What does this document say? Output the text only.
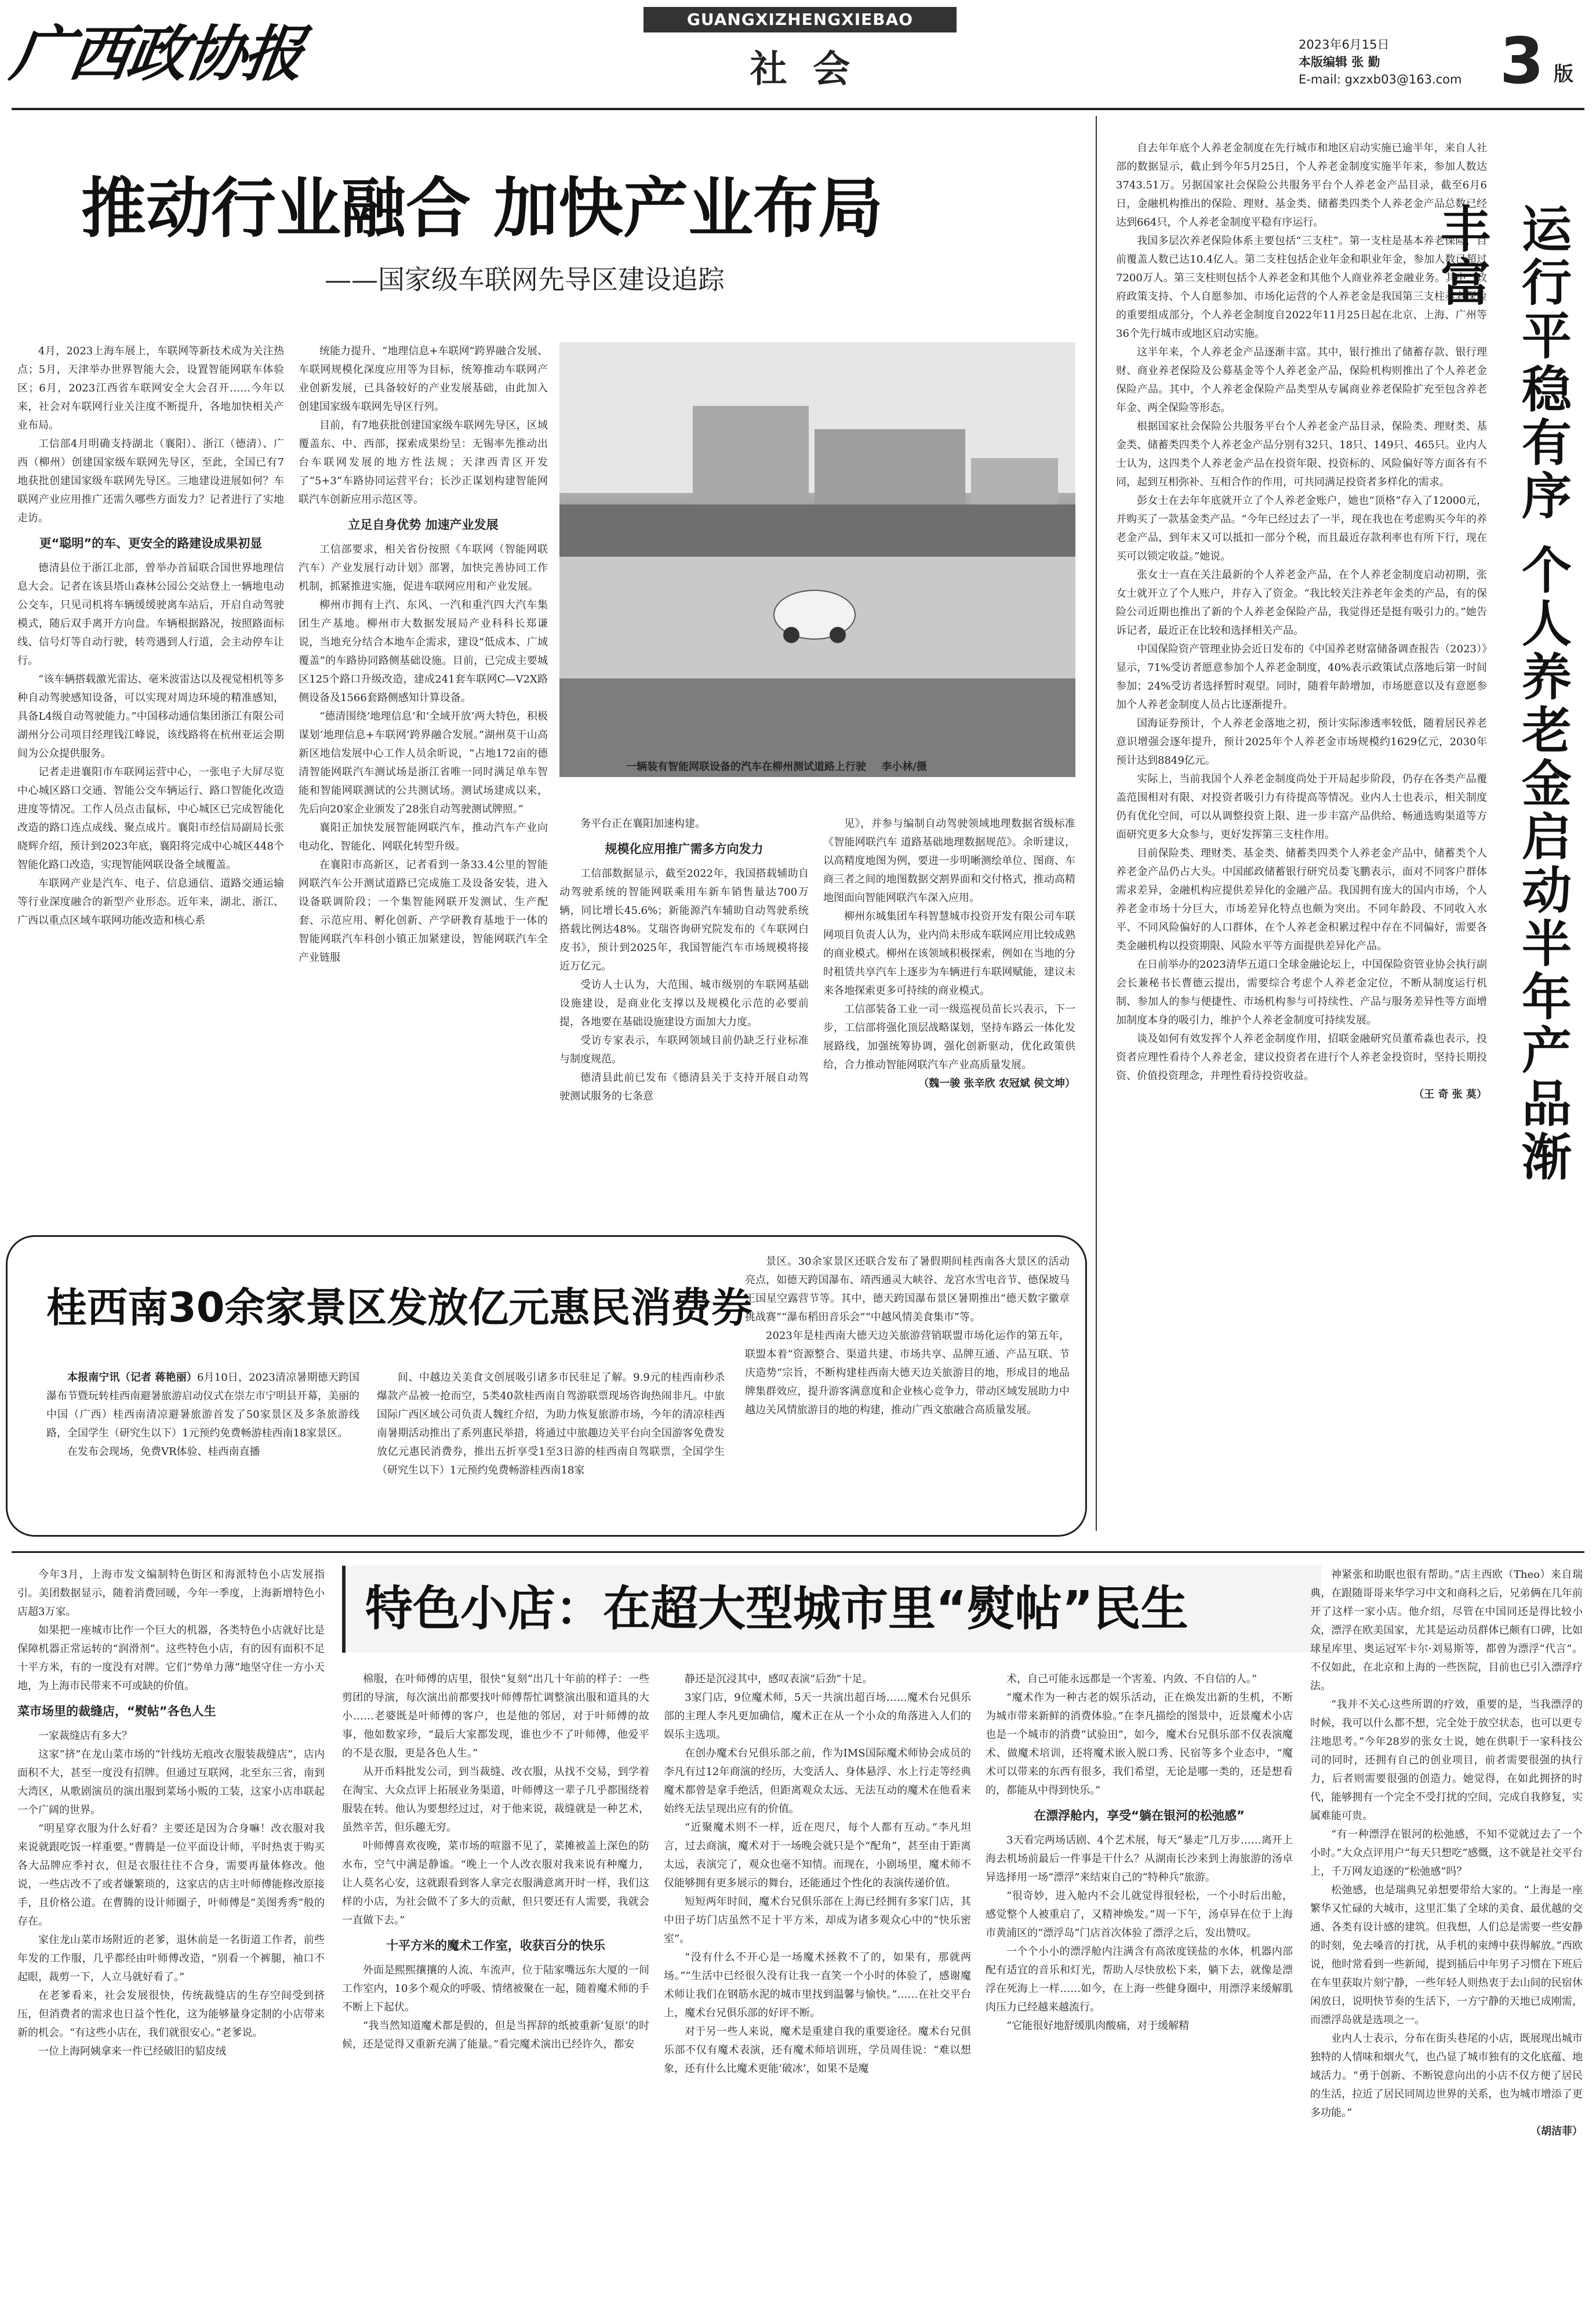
广西政协报	GUANGXIZHENGXIEBAO
社  会
2023年6月15日
本版编辑 张 勤
E-mail: gxzxb03@163.com 3 版
推动行业融合 加快产业布局
——国家级车联网先导区建设追踪

4月，2023上海车展上，车联网等新技术成为关注热点；5月，天津举办世界智能大会，设置智能网联车体验区；6月，2023江西省车联网安全大会召开……今年以来，社会对车联网行业关注度不断提升，各地加快相关产业布局。

工信部4月明确支持湖北（襄阳）、浙江（德清）、广西（柳州）创建国家级车联网先导区，至此，全国已有7地获批创建国家级车联网先导区。三地建设进展如何？车联网产业应用推广还需久哪些方面发力？记者进行了实地走访。

更“聪明”的车、更安全的路建设成果初显

德清县位于浙江北部，曾举办首届联合国世界地理信息大会。记者在该县塔山森林公园公交站登上一辆地电动公交车，只见司机将车辆缓缓驶离车站后，开启自动驾驶模式，随后双手离开方向盘。车辆根据路况，按照路面标线、信号灯等自动行驶，转弯遇到人行道，会主动停车让行。

“该车辆搭载激光雷达、毫米波雷达以及视觉相机等多种自动驾驶感知设备，可以实现对周边环境的精准感知，具备L4级自动驾驶能力。”中国移动通信集团浙江有限公司湖州分公司项目经理钱江峰说，该线路将在杭州亚运会期间为公众提供服务。

记者走进襄阳市车联网运营中心，一张电子大屏尽览中心城区路口交通、智能公交车辆运行、路口智能化改造进度等情况。工作人员点击鼠标，中心城区已完成智能化改造的路口连点成线、聚点成片。襄阳市经信局副局长张晓辉介绍，预计到2023年底，襄阳将完成中心城区448个智能化路口改造，实现智能网联设备全域覆盖。

车联网产业是汽车、电子、信息通信、道路交通运输等行业深度融合的新型产业形态。近年来，湖北、浙江、广西以重点区域车联网功能改造和核心系

统能力提升、“地理信息+车联网”跨界融合发展、车联网规模化深度应用等为目标，统筹推动车联网产业创新发展，已具备较好的产业发展基础，由此加入创建国家级车联网先导区行列。

目前，有7地获批创建国家级车联网先导区，区域覆盖东、中、西部，探索成果纷呈：无锡率先推动出台车联网发展的地方性法规；天津西青区开发了“5+3”车路协同运营平台；长沙正谋划构建智能网联汽车创新应用示范区等。

立足自身优势 加速产业发展

工信部要求，相关省份按照《车联网（智能网联汽车）产业发展行动计划》部署，加快完善协同工作机制，抓紧推进实施，促进车联网应用和产业发展。

柳州市拥有上汽、东风、一汽和重汽四大汽车集团生产基地。柳州市大数据发展局产业科科长郑谦说，当地充分结合本地车企需求，建设“低成本、广域覆盖”的车路协同路侧基础设施。目前，已完成主要城区125个路口升级改造，建成241套车联网C—V2X路侧设备及1566套路侧感知计算设备。

“德清围绕‘地理信息’和‘全域开放’两大特色，积极谋划‘地理信息+车联网’跨界融合发展。”湖州莫干山高新区地信发展中心工作人员余昕说，“占地172亩的德清智能网联汽车测试场是浙江省唯一同时满足单车智能和智能网联测试的公共测试场。测试场建成以来，先后向20家企业颁发了28张自动驾驶测试牌照。”

襄阳正加快发展智能网联汽车，推动汽车产业向电动化、智能化、网联化转型升级。

在襄阳市高新区，记者看到一条33.4公里的智能网联汽车公开测试道路已完成施工及设备安装，进入设备联调阶段；一个集智能网联开发测试、生产配套、示范应用、孵化创新、产学研教育基地于一体的智能网联汽车科创小镇正加紧建设，智能网联汽车全产业链服

一辆装有智能网联设备的汽车在柳州测试道路上行驶 李小林/摄

务平台正在襄阳加速构建。

规模化应用推广需多方向发力

工信部数据显示，截至2022年，我国搭载辅助自动驾驶系统的智能网联乘用车新车销售量达700万辆，同比增长45.6%；新能源汽车辅助自动驾驶系统搭载比例达48%。艾瑞咨询研究院发布的《车联网白皮书》，预计到2025年，我国智能汽车市场规模将接近万亿元。

受访人士认为，大范围、城市级别的车联网基础设施建设，是商业化支撑以及规模化示范的必要前提，各地要在基础设施建设方面加大力度。

受访专家表示，车联网领域目前仍缺乏行业标准与制度规范。

德清县此前已发布《德清县关于支持开展自动驾驶测试服务的七条意

见》，并参与编制自动驾驶领域地理数据省级标准《智能网联汽车 道路基础地理数据规范》。余昕建议，以高精度地图为例，要进一步明晰测绘单位、图商、车商三者之间的地图数据交割界面和交付格式，推动高精地图面向智能网联汽车深入应用。

柳州东城集团车科智慧城市投资开发有限公司车联网项目负责人认为，业内尚未形成车联网应用比较成熟的商业模式。柳州在该领域积极探索，例如在当地的分时租赁共享汽车上逐步为车辆进行车联网赋能，建议未来各地探索更多可持续的商业模式。

工信部装备工业一司一级巡视员苗长兴表示，下一步，工信部将强化顶层战略谋划，坚持车路云一体化发展路线，加强统筹协调，强化创新驱动，优化政策供给，合力推动智能网联汽车产业高质量发展。

（魏一骏 张辛欣 农冠斌 侯文坤）

自去年年底个人养老金制度在先行城市和地区启动实施已逾半年，来自人社部的数据显示，截止到今年5月25日，个人养老金制度实施半年来，参加人数达3743.51万。另据国家社会保险公共服务平台个人养老金产品目录，截至6月6日，金融机构推出的保险、理财、基金类、储蓄类四类个人养老金产品总数已经达到664只，个人养老金制度平稳有序运行。

我国多层次养老保险体系主要包括“三支柱”。第一支柱是基本养老保险，目前覆盖人数已达10.4亿人。第二支柱包括企业年金和职业年金，参加人数已超过7200万人。第三支柱则包括个人养老金和其他个人商业养老金融业务。其中，政府政策支持、个人自愿参加、市场化运营的个人养老金是我国第三支柱养老保险的重要组成部分，个人养老金制度自2022年11月25日起在北京、上海、广州等36个先行城市或地区启动实施。

这半年来，个人养老金产品逐渐丰富。其中，银行推出了储蓄存款、银行理财、商业养老保险及公募基金等个人养老金产品，保险机构则推出了个人养老金保险产品。其中，个人养老金保险产品类型从专属商业养老保险扩充至包含养老年金、两全保险等形态。

根据国家社会保险公共服务平台个人养老金产品目录，保险类、理财类、基金类、储蓄类四类个人养老金产品分别有32只、18只、149只、465只。业内人士认为，这四类个人养老金产品在投资年限、投资标的、风险偏好等方面各有不同，起到互相弥补、互相合作的作用，可共同满足投资者多样化的需求。

彭女士在去年年底就开立了个人养老金账户，她也“顶格”存入了12000元，并购买了一款基金类产品。“今年已经过去了一半，现在我也在考虑购买今年的养老金产品，到年末又可以抵扣一部分个税，而且最近存款利率也有所下行，现在买可以锁定收益。”她说。

张女士一直在关注最新的个人养老金产品，在个人养老金制度启动初期，张女士就开立了个人账户，并存入了资金。“我比较关注养老年金类的产品，有的保险公司近期也推出了新的个人养老金保险产品，我觉得还是挺有吸引力的。”她告诉记者，最近正在比较和选择相关产品。

中国保险资产管理业协会近日发布的《中国养老财富储备调查报告（2023）》显示，71%受访者愿意参加个人养老金制度，40%表示政策试点落地后第一时间参加；24%受访者选择暂时观望。同时，随着年龄增加，市场愿意以及有意愿参加个人养老金制度人员占比逐渐提升。

国海证券预计，个人养老金落地之初，预计实际渗透率较低，随着居民养老意识增强会逐年提升，预计2025年个人养老金市场规模约1629亿元，2030年预计达到8849亿元。

实际上，当前我国个人养老金制度尚处于开局起步阶段，仍存在各类产品覆盖范围相对有限、对投资者吸引力有待提高等情况。业内人士也表示，相关制度仍有优化空间，可以从调整投资上限、进一步丰富产品供给、畅通选购渠道等方面研究更多大众参与，更好发挥第三支柱作用。

目前保险类、理财类、基金类、储蓄类四类个人养老金产品中，储蓄类个人养老金产品仍占大头。中国邮政储蓄银行研究员娄飞鹏表示，面对不同客户群体需求差异，金融机构应提供差异化的金融产品。我国拥有庞大的国内市场，个人养老金市场十分巨大，市场差异化特点也颇为突出。不同年龄段、不同收入水平、不同风险偏好的人口群体，在个人养老金积累过程中存在不同偏好，需要各类金融机构以投资期限、风险水平等方面提供差异化产品。

在日前举办的2023清华五道口全球金融论坛上，中国保险资管业协会执行副会长兼秘书长曹德云提出，需要综合考虑个人养老金定位，不断从制度运行机制、参加人的参与便捷性、市场机构参与可持续性、产品与服务差异性等方面增加制度本身的吸引力，维护个人养老金制度可持续发展。

谈及如何有效发挥个人养老金制度作用，招联金融研究员董希淼也表示，投资者应理性看待个人养老金，建议投资者在进行个人养老金投资时，坚持长期投资、价值投资理念，并理性看待投资收益。

（王 奇 张 莫） 运行平稳有序 个人养老金启动半年产品渐丰富
桂西南30余家景区发放亿元惠民消费券

本报南宁讯（记者 蒋艳丽）6月10日，2023清凉暑期德天跨国瀑布节暨玩转桂西南避暑旅游启动仪式在崇左市宁明县开幕，美丽的中国（广西）桂西南清凉避暑旅游首发了50家景区及多条旅游线路，全国学生（研究生以下）1元预约免费畅游桂西南18家景区。

在发布会现场，免费VR体验、桂西南直播

间、中越边关美食文创展吸引诸多市民驻足了解。9.9元的桂西南秒杀爆款产品被一抢而空，5类40款桂西南自驾游联票现场咨询热闹非凡。中旅国际广西区域公司负责人魏红介绍，为助力恢复旅游市场，今年的清凉桂西南暑期活动推出了系列惠民举措，将通过中旅趣边关平台向全国游客免费发放亿元惠民消费券，推出五折享受1至3日游的桂西南自驾联票，全国学生（研究生以下）1元预约免费畅游桂西南18家

景区。30余家景区还联合发布了暑假期间桂西南各大景区的活动亮点，如德天跨国瀑布、靖西通灵大峡谷、龙宫水雪电音节、德保坡马王国星空露营节等。其中，德天跨国瀑布景区暑期推出“德天数字徽章挑战赛”“瀑布稻田音乐会”“中越风情美食集市”等。

2023年是桂西南大德天边关旅游营销联盟市场化运作的第五年，联盟本着“资源整合、渠道共建、市场共享、品牌互通、产品互联、节庆造势”宗旨，不断构建桂西南大德天边关旅游目的地，形成目的地品牌集群效应，提升游客满意度和企业核心竞争力，带动区域发展助力中越边关风情旅游目的地的构建，推动广西文旅融合高质量发展。

特色小店：在超大型城市里“熨帖”民生

今年3月，上海市发文编制特色街区和海派特色小店发展指引。美团数据显示，随着消费回暖，今年一季度，上海新增特色小店超3万家。

如果把一座城市比作一个巨大的机器，各类特色小店就好比是保障机器正常运转的“润滑剂”。这些特色小店，有的因有面积不足十平方米，有的一度没有对牌。它们“势单力薄”地坚守住一方小天地，为上海市民带来不可或缺的价值。

菜市场里的裁缝店，“熨帖”各色人生

一家裁缝店有多大？

这家“挤”在龙山菜市场的“针线坊无痕改衣服装裁缝店”，店内面积不大，甚至一度没有招牌。但通过互联网，北至东三省，南到大湾区，从歌剧演员的演出服到菜场小贩的工装，这家小店串联起一个广阔的世界。

“明星穿衣服为什么好看？主要还是因为合身嘛！改衣服对我来说就跟吃饭一样重要。”曹腾是一位平面设计师，平时热衷于购买各大品牌应季衬衣，但是衣服往往不合身，需要再量体修改。他说，一些店改不了或者嫌繁琐的，这家店的店主叶师傅能修改原接手，且价格公道。在曹腾的设计师圈子，叶师傅是“美图秀秀”般的存在。

家住龙山菜市场附近的老爹，退休前是一名街道工作者，前些年发的工作服，几乎都经由叶师傅改造，“别看一个裤腿，袖口不起眼，裁剪一下，人立马就好看了。”

在老爹看来，社会发展很快，传统裁缝店的生存空间受到挤压，但消费者的需求也日益个性化，这为能够量身定制的小店带来新的机会。“有这些小店在，我们就很安心。”老爹说。

一位上海阿姨拿来一件已经破旧的貂皮绒

棉服，在叶师傅的店里，很快“复刻”出几十年前的样子：一些剪团的导演，每次演出前都要找叶师傅帮忙调整演出服和道具的大小……老婆既是叶师傅的客户，也是他的邻居，对于叶师傅的故事，他如数家珍，“最后大家都发现，谁也少不了叶师傅，他爱平的不是衣服，更是各色人生。”

从开币料批发公司，到当裁缝、改衣服，从找不交易，到学着在淘宝、大众点评上拓展业务渠道，叶师傅这一辈子几乎都围绕着服装在转。他认为要想经过过，对于他来说，裁缝就是一种艺术，虽然辛苦，但乐趣无穷。

叶师傅喜欢夜晚，菜市场的喧嚣不见了，菜摊被盖上深色的防水布，空气中满是静谧。“晚上一个人改衣服对我来说有种魔力，让人莫名心安，这就跟看到客人拿完衣服满意离开时一样，我们这样的小店，为社会做不了多大的贡献，但只要还有人需要，我就会一直做下去。”

十平方米的魔术工作室，收获百分的快乐

外面是熙熙攘攘的人流、车流声，位于陆家嘴远东大厦的一间工作室内，10多个观众的呼吸、情绪被聚在一起，随着魔术师的手不断上下起伏。

“我当然知道魔术都是假的，但是当挥辞的纸被重新‘复原’的时候，还是觉得又重新充满了能量。”看完魔术演出已经许久，都安

静还是沉浸其中，感叹表演“后劲”十足。

3家门店，9位魔术师，5天一共演出超百场……魔术台兄俱乐部的主理人李凡更加确信，魔术正在从一个小众的角落进入人们的娱乐主选项。

在创办魔术台兄俱乐部之前，作为IMS国际魔术师协会成员的李凡有过12年商演的经历，大变活人、身体悬浮、水上行走等经典魔术都曾是拿手绝活，但距离观众太远、无法互动的魔术在他看来始终无法呈现出应有的价值。

“近聚魔术则不一样，近在咫尺，每个人都有互动。”李凡坦言，过去商演，魔术对于一场晚会就只是个“配角”，甚至由于距离太远，表演完了，观众也毫不知情。而现在，小剧场里，魔术师不仅能够拥有更多展示的舞台，还能通过个性化的表演传递价值。

短短两年时间，魔术台兄俱乐部在上海已经拥有多家门店，其中田子坊门店虽然不足十平方米，却成为诸多观众心中的“快乐密室”。

“没有什么不开心是一场魔术拯救不了的，如果有，那就两场。”“生活中已经很久没有让我一直笑一个小时的体验了，感谢魔术师让我们在钢筋水泥的城市里找到温馨与愉快。”……在社交平台上，魔术台兄俱乐部的好评不断。

对于另一些人来说，魔术是重建自我的重要途径。魔术台兄俱乐部不仅有魔术表演，还有魔术师培训班，学员周佳说：“难以想象，还有什么比魔术更能‘破冰’，如果不是魔

术，自己可能永远都是一个害羞、内敛、不自信的人。”

“魔术作为一种古老的娱乐活动，正在焕发出新的生机，不断为城市带来新鲜的消费体验。”在李凡描绘的图景中，近景魔术小店也是一个城市的消费“试验田”，如今，魔术台兄俱乐部不仅表演魔术、做魔术培训，还将魔术嵌入脱口秀、民宿等多个业态中，“魔术可以带来的东西有很多，我们希望，无论是哪一类的，还是想看的，都能从中得到快乐。”

在漂浮舱内，享受“躺在银河的松弛感”

3天看完两场话剧、4个艺术展，每天“暴走”几万步……离开上海去机场前最后一件事是干什么？从湖南长沙来到上海旅游的汤卓异选择用一场“漂浮”来结束自己的“特种兵”旅游。

“很奇妙，进入舱内不会儿就觉得很轻松，一个小时后出舱，感觉整个人被重启了，又精神焕发。”周一下午，汤卓异在位于上海市黄浦区的“漂浮岛”门店首次体验了漂浮之后，发出赞叹。

一个个小小的漂浮舱内注满含有高浓度镁盐的水体，机器内部配有适宜的音乐和灯光，帮助人尽快放松下来，躺下去，就像是漂浮在死海上一样……如今，在上海一些健身圈中，用漂浮来缓解肌肉压力已经越来越流行。

“它能很好地舒缓肌肉酸痛，对于缓解精

神紧张和助眠也很有帮助。”店主西欧（Theo）来自瑞典，在跟随哥哥来华学习中文和商科之后，兄弟俩在几年前开了这样一家小店。他介绍，尽管在中国同还是得比较小众，漂浮在欧美国家，尤其是运动员群体已颇有口碑，比如球星库里、奥运冠军卡尔·刘易斯等，都曾为漂浮“代言”。不仅如此，在北京和上海的一些医院，目前也已引入漂浮疗法。

“我并不关心这些所谓的疗效，重要的是，当我漂浮的时候，我可以什么都不想，完全处于放空状态，也可以更专注地思考。”今年28岁的张女士说，她在供职于一家科技公司的同时，还拥有自己的创业项目，前者需要很强的执行力，后者则需要很强的创造力。她觉得，在如此拥挤的时代，能够拥有一个完全不受打扰的空间，完成自我修复，实属难能可贵。

“有一种漂浮在银河的松弛感，不知不觉就过去了一个小时。”大众点评用户“每天只想吃”感慨，这不就是社交平台上，千万网友追逐的“松弛感”吗？

松弛感，也是瑞典兄弟想要带给大家的。“上海是一座繁华又忙碌的大城市，这里汇集了全球的美食、最优越的交通、各类有设计感的建筑。但我想，人们总是需要一些安静的时刻，免去嗓音的打扰，从手机的束缚中获得解放。”西欧说，他时常看到一些新闻，提到插后中年男子习惯在下班后在车里获取片刻宁静，一些年轻人则热衷于去山间的民宿休闲放日，说明快节奏的生活下，一方宁静的天地已成刚需，而漂浮岛就是选项之一。

业内人士表示，分布在街头巷尾的小店，既展现出城市独特的人情味和烟火气，也凸显了城市独有的文化底蕴、地域活力。“勇于创新、不断锐意向出的小店不仅方便了居民的生活，拉近了居民同周边世界的关系，也为城市增添了更多功能。”

（胡洁菲）
